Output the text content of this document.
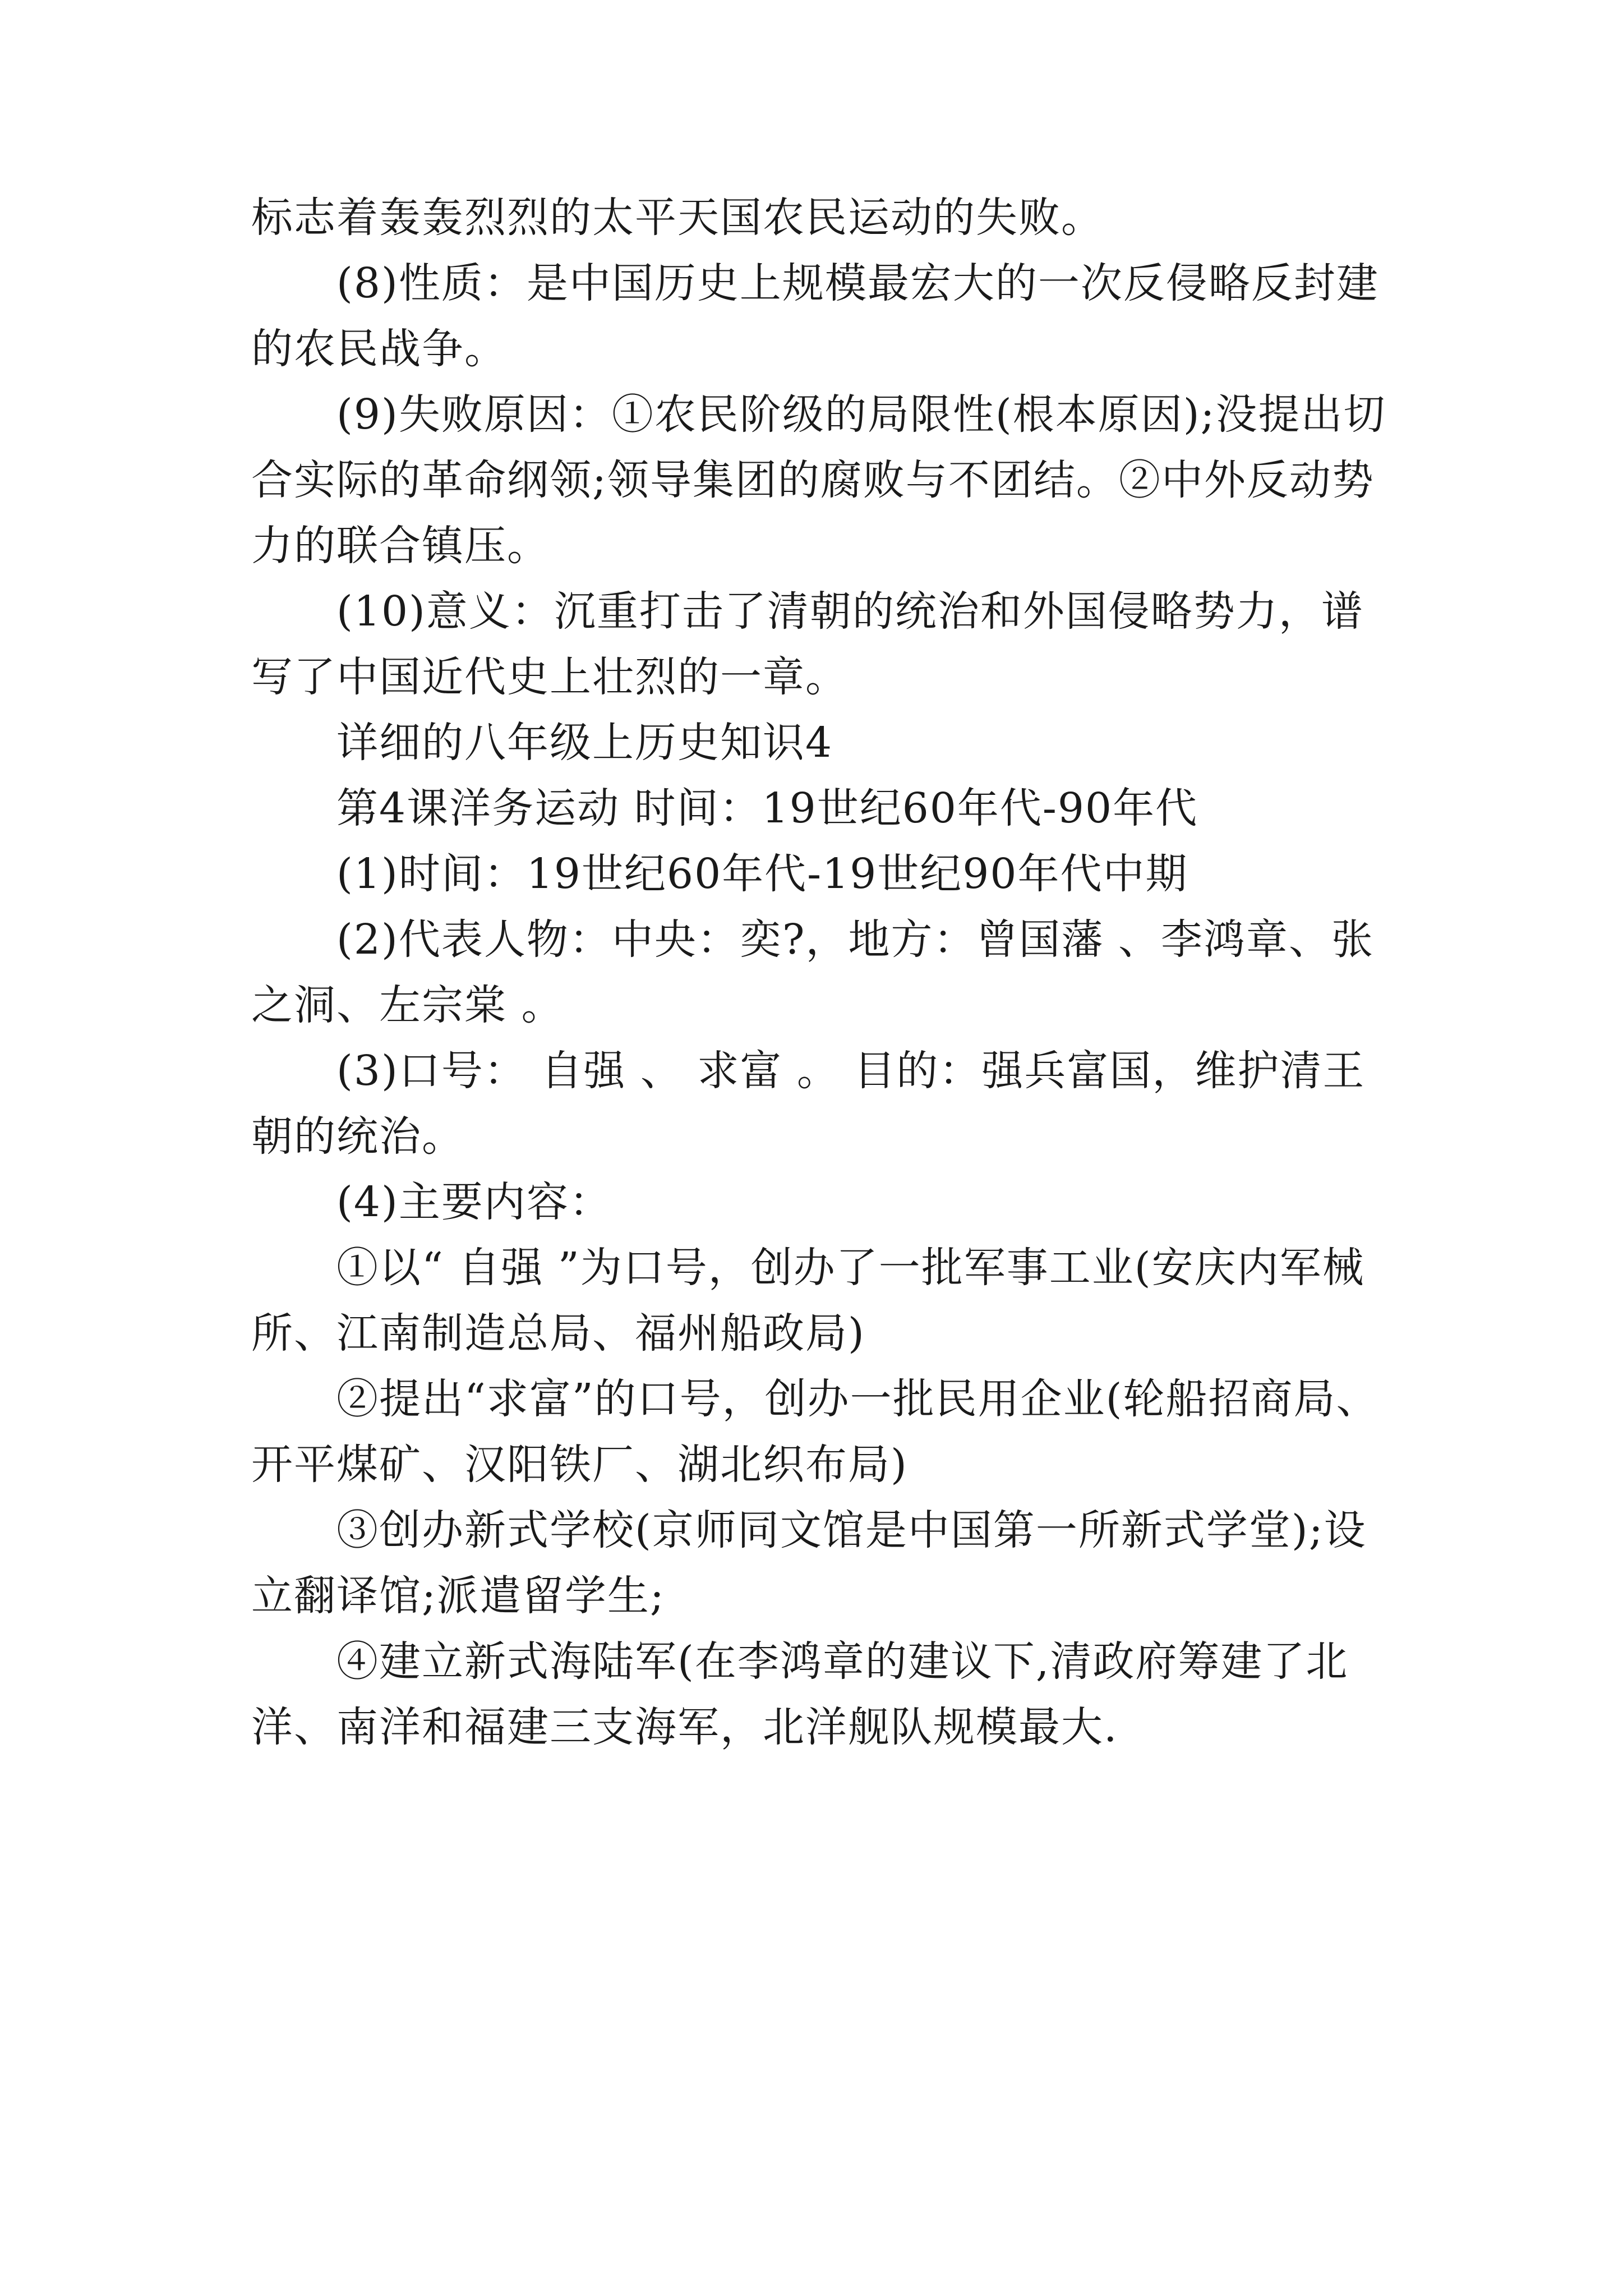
标志着轰轰烈烈的太平天国农民运动的失败。

(8)性质：是中国历史上规模最宏大的一次反侵略反封建的农民战争。

(9)失败原因：①农民阶级的局限性(根本原因);没提出切合实际的革命纲领;领导集团的腐败与不团结。②中外反动势力的联合镇压。

(10)意义：沉重打击了清朝的统治和外国侵略势力，谱写了中国近代史上壮烈的一章。

详细的八年级上历史知识4

第4课洋务运动 时间：19世纪60年代-90年代

(1)时间：19世纪60年代-19世纪90年代中期

(2)代表人物：中央：奕?，地方：曾国藩 、李鸿章、张之洞、左宗棠 。

(3)口号： 自强 、 求富 。 目的：强兵富国，维护清王朝的统治。

(4)主要内容：

①以“ 自强 ”为口号，创办了一批军事工业(安庆内军械所、江南制造总局、福州船政局)

②提出“求富”的口号，创办一批民用企业(轮船招商局、开平煤矿、汉阳铁厂、湖北织布局)

③创办新式学校(京师同文馆是中国第一所新式学堂);设立翻译馆;派遣留学生;

④建立新式海陆军(在李鸿章的建议下,清政府筹建了北洋、南洋和福建三支海军，北洋舰队规模最大.
